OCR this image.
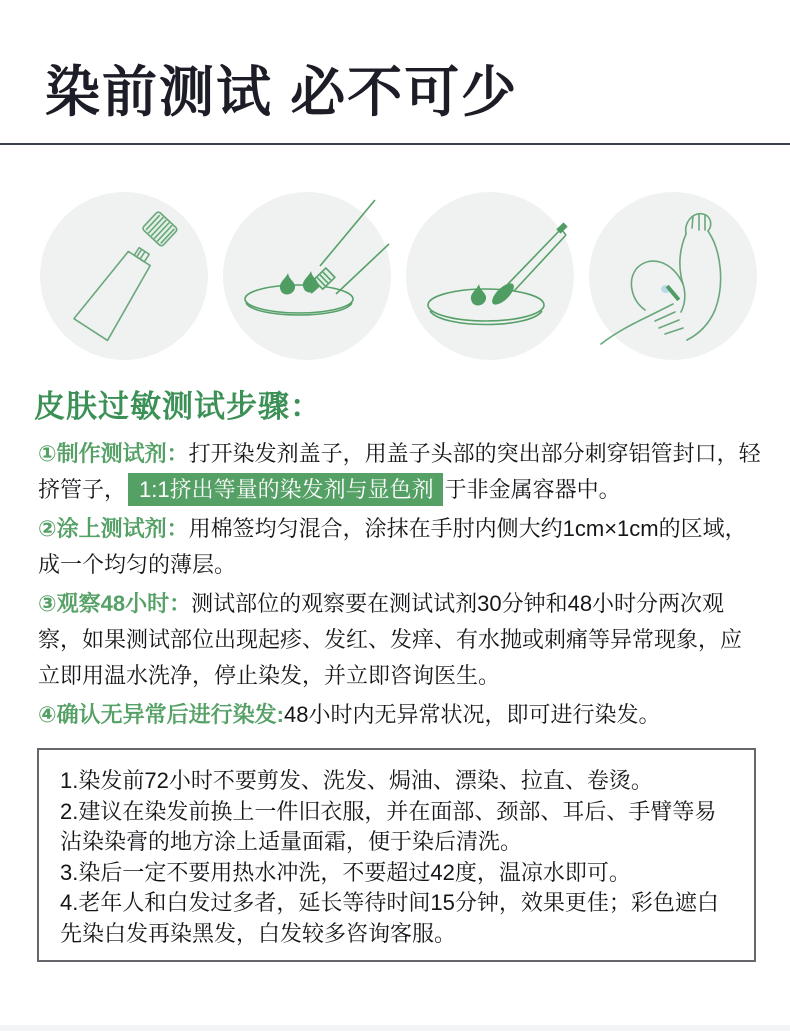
染前测试 必不可少
皮肤过敏测试步骤：

①制作测试剂：打开染发剂盖子，用盖子头部的突出部分刺穿铝管封口，轻挤管子， 1:1挤出等量的染发剂与显色剂 于非金属容器中。

②涂上测试剂：用棉签均匀混合，涂抹在手肘内侧大约1cm×1cm的区域，成一个均匀的薄层。

③观察48小时：测试部位的观察要在测试试剂30分钟和48小时分两次观察，如果测试部位出现起疹、发红、发痒、有水抛或刺痛等异常现象，应立即用温水洗净，停止染发，并立即咨询医生。

④确认无异常后进行染发:48小时内无异常状况，即可进行染发。

1.染发前72小时不要剪发、洗发、焗油、漂染、拉直、卷烫。

2.建议在染发前换上一件旧衣服，并在面部、颈部、耳后、手臂等易沾染染膏的地方涂上适量面霜，便于染后清洗。

3.染后一定不要用热水冲洗，不要超过42度，温凉水即可。

4.老年人和白发过多者，延长等待时间15分钟，效果更佳；彩色遮白先染白发再染黑发，白发较多咨询客服。
